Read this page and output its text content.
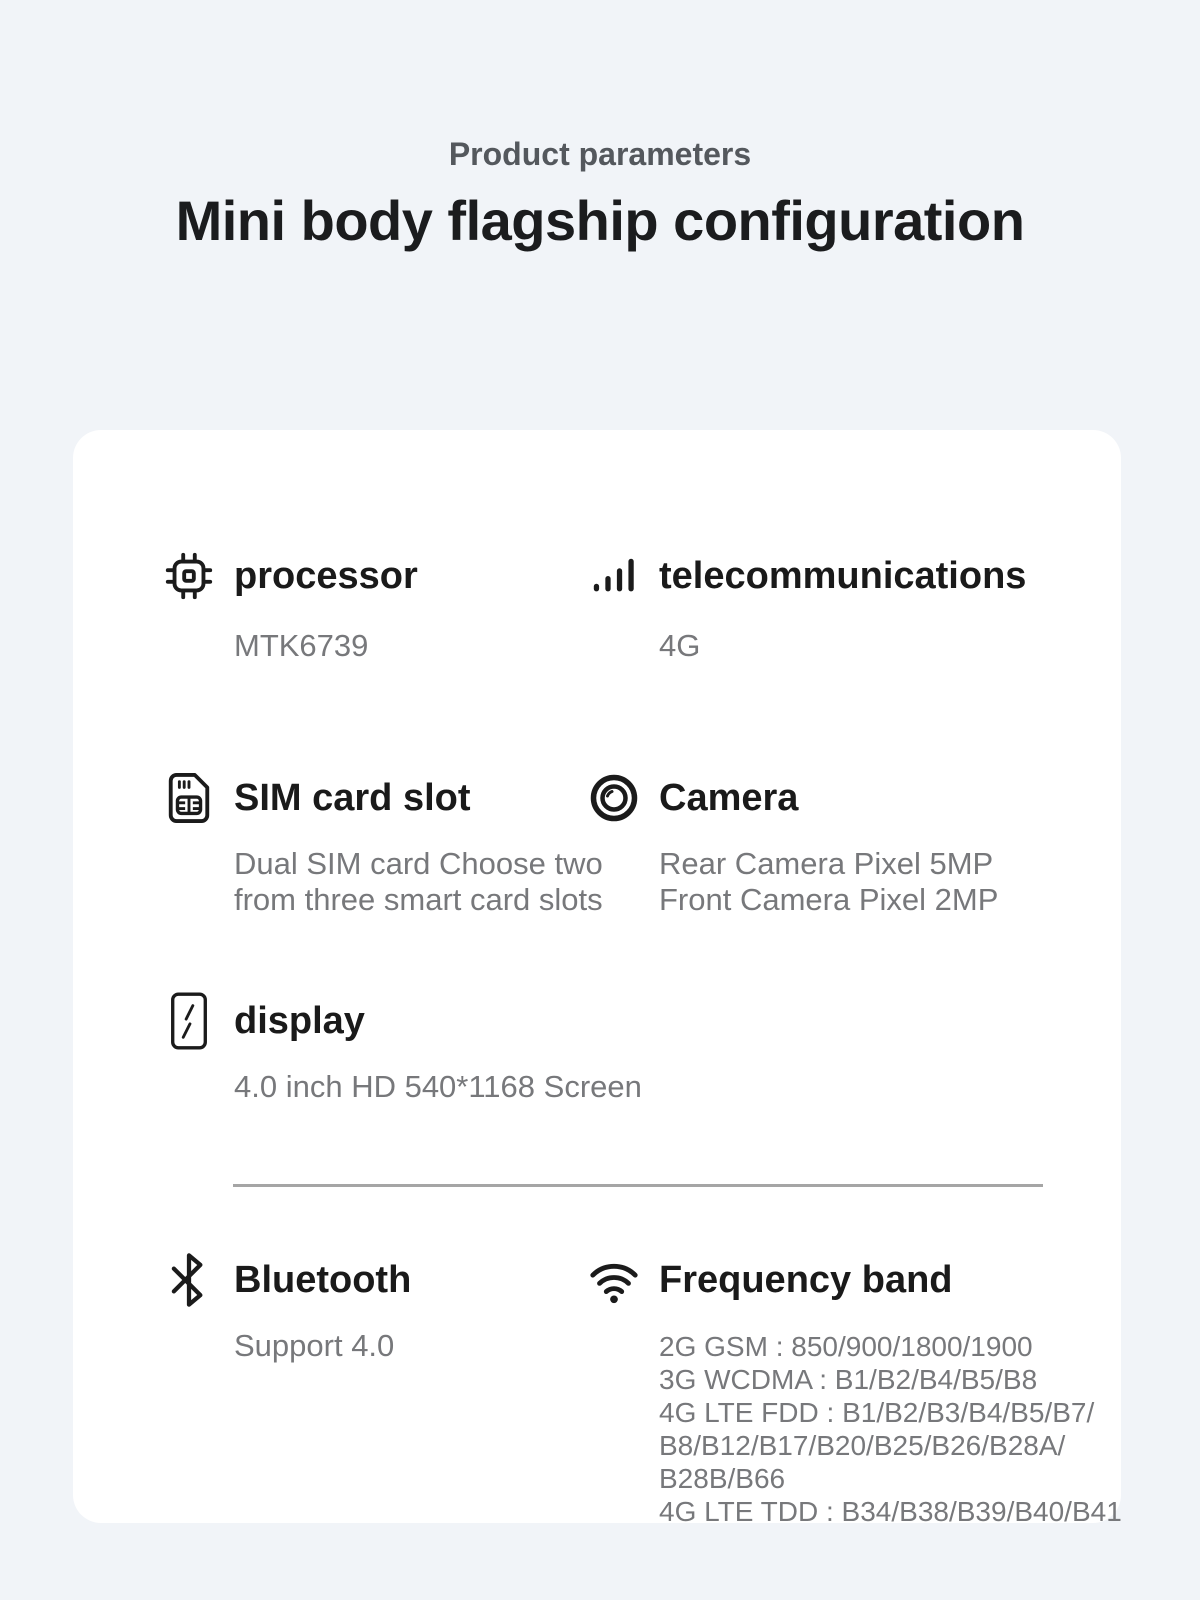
Product parameters
Mini body flagship configuration
processor
MTK6739
telecommunications
4G
SIM card slot
Dual SIM card Choose two
from three smart card slots
Camera
Rear Camera Pixel 5MP
Front Camera Pixel 2MP
display
4.0 inch HD 540*1168 Screen
Bluetooth
Support 4.0
Frequency band
2G GSM : 850/900/1800/1900
3G WCDMA : B1/B2/B4/B5/B8
4G LTE FDD : B1/B2/B3/B4/B5/B7/
B8/B12/B17/B20/B25/B26/B28A/
B28B/B66
4G LTE TDD : B34/B38/B39/B40/B41
